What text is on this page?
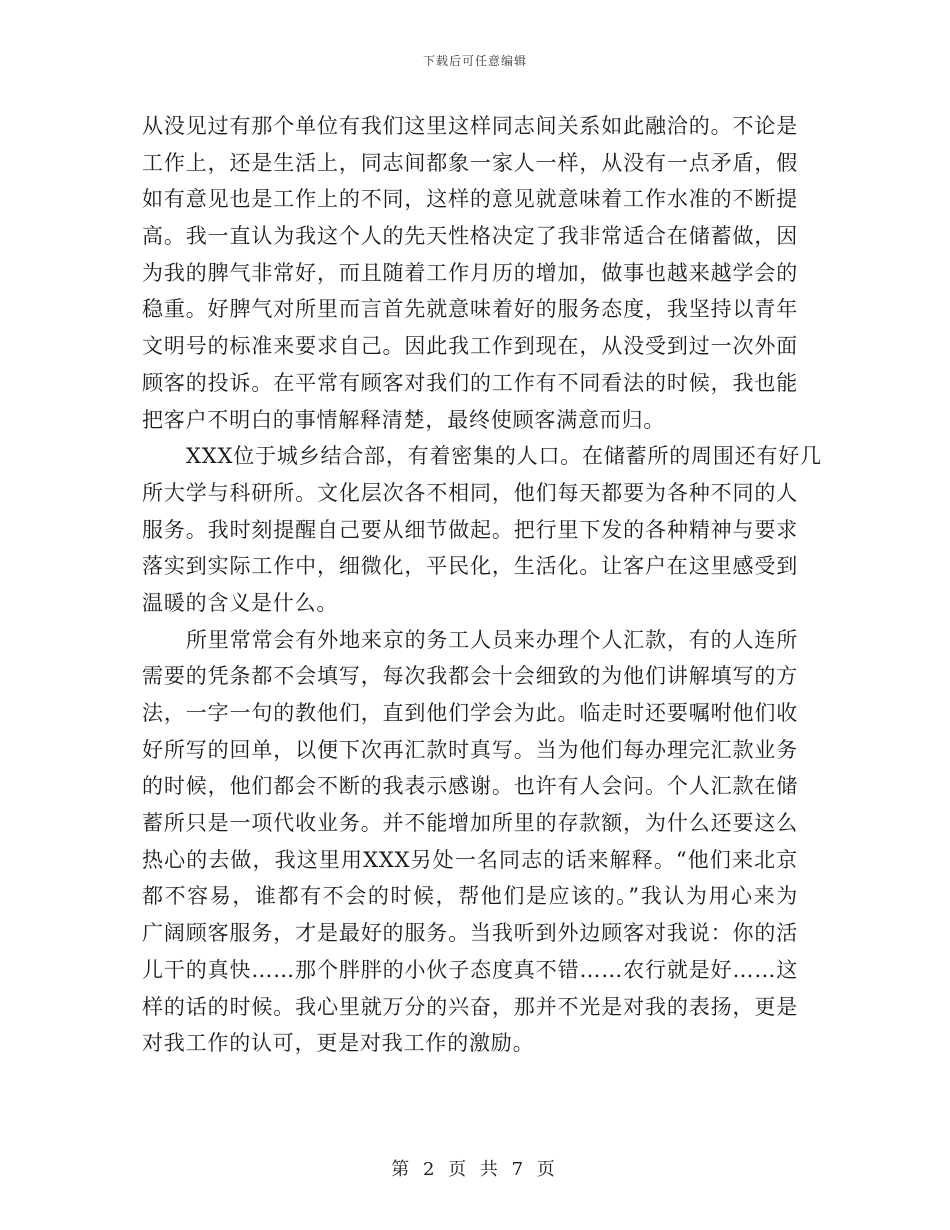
下载后可任意编辑
从没见过有那个单位有我们这里这样同志间关系如此融洽的。不论是
工作上，还是生活上，同志间都象一家人一样，从没有一点矛盾，假
如有意见也是工作上的不同，这样的意见就意味着工作水准的不断提
高。我一直认为我这个人的先天性格决定了我非常适合在储蓄做，因
为我的脾气非常好，而且随着工作月历的增加，做事也越来越学会的
稳重。好脾气对所里而言首先就意味着好的服务态度，我坚持以青年
文明号的标准来要求自己。因此我工作到现在，从没受到过一次外面
顾客的投诉。在平常有顾客对我们的工作有不同看法的时候，我也能
把客户不明白的事情解释清楚，最终使顾客满意而归。
XXX位于城乡结合部，有着密集的人口。在储蓄所的周围还有好几
所大学与科研所。文化层次各不相同，他们每天都要为各种不同的人
服务。我时刻提醒自己要从细节做起。把行里下发的各种精神与要求
落实到实际工作中，细微化，平民化，生活化。让客户在这里感受到
温暖的含义是什么。
所里常常会有外地来京的务工人员来办理个人汇款，有的人连所
需要的凭条都不会填写，每次我都会十会细致的为他们讲解填写的方
法，一字一句的教他们，直到他们学会为此。临走时还要嘱咐他们收
好所写的回单，以便下次再汇款时真写。当为他们每办理完汇款业务
的时候，他们都会不断的我表示感谢。也许有人会问。个人汇款在储
蓄所只是一项代收业务。并不能增加所里的存款额，为什么还要这么
热心的去做，我这里用XXX另处一名同志的话来解释。“他们来北京
都不容易，谁都有不会的时候，帮他们是应该的。”我认为用心来为
广阔顾客服务，才是最好的服务。当我听到外边顾客对我说：你的活
儿干的真快……那个胖胖的小伙子态度真不错……农行就是好……这
样的话的时候。我心里就万分的兴奋，那并不光是对我的表扬，更是
对我工作的认可，更是对我工作的激励。
第 2 页 共 7 页
